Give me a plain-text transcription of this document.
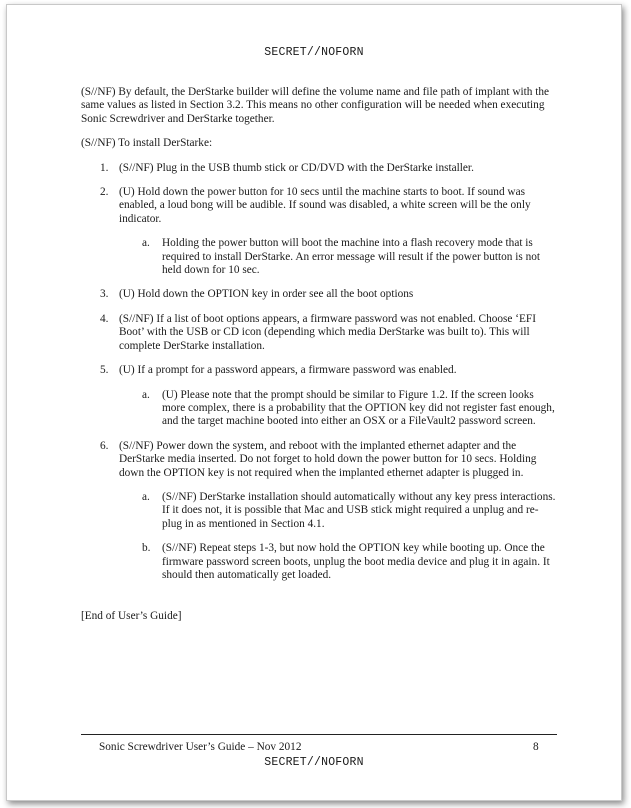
SECRET//NOFORN

(S//NF) By default, the DerStarke builder will define the volume name and file path of implant with the same values as listed in Section 3.2. This means no other configuration will be needed when executing Sonic Screwdriver and DerStarke together.

(S//NF) To install DerStarke:

1. (S//NF) Plug in the USB thumb stick or CD/DVD with the DerStarke installer.
2. (U) Hold down the power button for 10 secs until the machine starts to boot. If sound was enabled, a loud bong will be audible. If sound was disabled, a white screen will be the only indicator.
a. Holding the power button will boot the machine into a flash recovery mode that is required to install DerStarke. An error message will result if the power button is not held down for 10 sec.
3. (U) Hold down the OPTION key in order see all the boot options
4. (S//NF) If a list of boot options appears, a firmware password was not enabled. Choose ‘EFI Boot’ with the USB or CD icon (depending which media DerStarke was built to). This will complete DerStarke installation.
5. (U) If a prompt for a password appears, a firmware password was enabled.
a. (U) Please note that the prompt should be similar to Figure 1.2. If the screen looks more complex, there is a probability that the OPTION key did not register fast enough, and the target machine booted into either an OSX or a FileVault2 password screen.
6. (S//NF) Power down the system, and reboot with the implanted ethernet adapter and the DerStarke media inserted. Do not forget to hold down the power button for 10 secs. Holding down the OPTION key is not required when the implanted ethernet adapter is plugged in.
a. (S//NF) DerStarke installation should automatically without any key press interactions. If it does not, it is possible that Mac and USB stick might required a unplug and re-plug in as mentioned in Section 4.1.
b. (S//NF) Repeat steps 1-3, but now hold the OPTION key while booting up. Once the firmware password screen boots, unplug the boot media device and plug it in again. It should then automatically get loaded.

[End of User’s Guide]

Sonic Screwdriver User’s Guide – Nov 2012	8
SECRET//NOFORN
